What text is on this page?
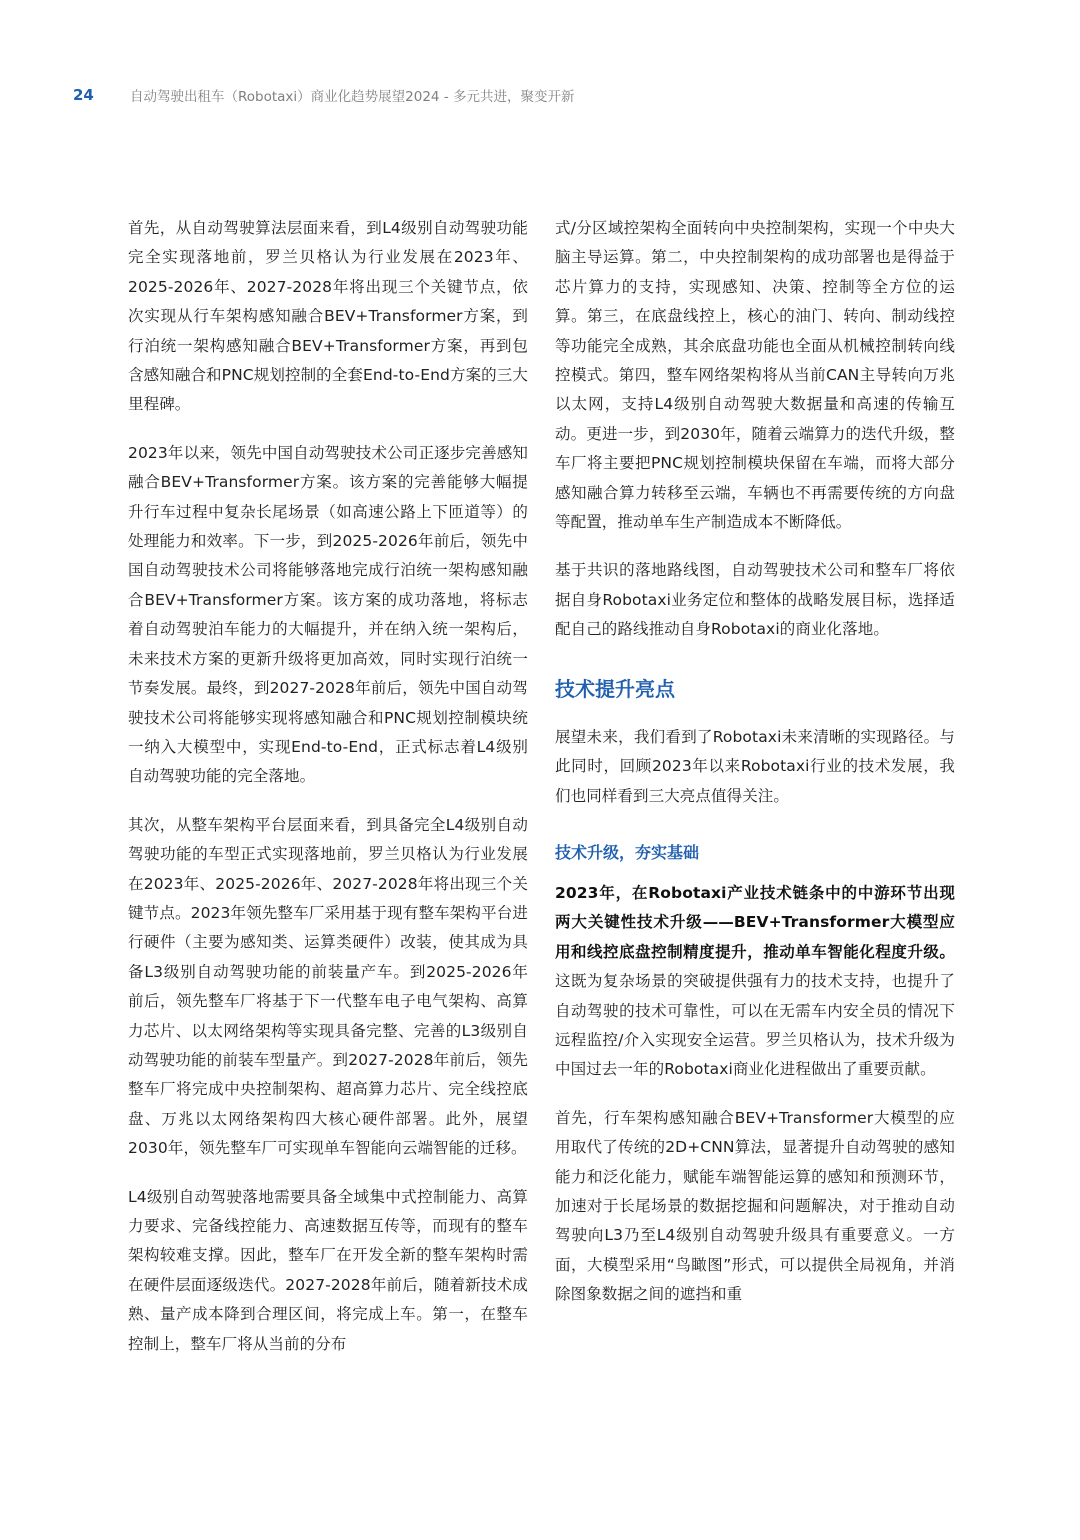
24	自动驾驶出租车（Robotaxi）商业化趋势展望2024 - 多元共进，聚变开新

首先，从自动驾驶算法层面来看，到L4级别自动驾驶功能完全实现落地前，罗兰贝格认为行业发展在2023年、2025-2026年、2027-2028年将出现三个关键节点，依次实现从行车架构感知融合BEV+Transformer方案，到行泊统一架构感知融合BEV+Transformer方案，再到包含感知融合和PNC规划控制的全套End-to-End方案的三大里程碑。

2023年以来，领先中国自动驾驶技术公司正逐步完善感知融合BEV+Transformer方案。该方案的完善能够大幅提升行车过程中复杂长尾场景（如高速公路上下匝道等）的处理能力和效率。下一步，到2025-2026年前后，领先中国自动驾驶技术公司将能够落地完成行泊统一架构感知融合BEV+Transformer方案。该方案的成功落地，将标志着自动驾驶泊车能力的大幅提升，并在纳入统一架构后，未来技术方案的更新升级将更加高效，同时实现行泊统一节奏发展。最终，到2027-2028年前后，领先中国自动驾驶技术公司将能够实现将感知融合和PNC规划控制模块统一纳入大模型中，实现End-to-End，正式标志着L4级别自动驾驶功能的完全落地。

其次，从整车架构平台层面来看，到具备完全L4级别自动驾驶功能的车型正式实现落地前，罗兰贝格认为行业发展在2023年、2025-2026年、2027-2028年将出现三个关键节点。2023年领先整车厂采用基于现有整车架构平台进行硬件（主要为感知类、运算类硬件）改装，使其成为具备L3级别自动驾驶功能的前装量产车。到2025-2026年前后，领先整车厂将基于下一代整车电子电气架构、高算力芯片、以太网络架构等实现具备完整、完善的L3级别自动驾驶功能的前装车型量产。到2027-2028年前后，领先整车厂将完成中央控制架构、超高算力芯片、完全线控底盘、万兆以太网络架构四大核心硬件部署。此外，展望2030年，领先整车厂可实现单车智能向云端智能的迁移。

L4级别自动驾驶落地需要具备全域集中式控制能力、高算力要求、完备线控能力、高速数据互传等，而现有的整车架构较难支撑。因此，整车厂在开发全新的整车架构时需在硬件层面逐级迭代。2027-2028年前后，随着新技术成熟、量产成本降到合理区间，将完成上车。第一，在整车控制上，整车厂将从当前的分布

式/分区域控架构全面转向中央控制架构，实现一个中央大脑主导运算。第二，中央控制架构的成功部署也是得益于芯片算力的支持，实现感知、决策、控制等全方位的运算。第三，在底盘线控上，核心的油门、转向、制动线控等功能完全成熟，其余底盘功能也全面从机械控制转向线控模式。第四，整车网络架构将从当前CAN主导转向万兆以太网，支持L4级别自动驾驶大数据量和高速的传输互动。更进一步，到2030年，随着云端算力的迭代升级，整车厂将主要把PNC规划控制模块保留在车端，而将大部分感知融合算力转移至云端，车辆也不再需要传统的方向盘等配置，推动单车生产制造成本不断降低。

基于共识的落地路线图，自动驾驶技术公司和整车厂将依据自身Robotaxi业务定位和整体的战略发展目标，选择适配自己的路线推动自身Robotaxi的商业化落地。

技术提升亮点

展望未来，我们看到了Robotaxi未来清晰的实现路径。与此同时，回顾2023年以来Robotaxi行业的技术发展，我们也同样看到三大亮点值得关注。

技术升级，夯实基础

2023年，在Robotaxi产业技术链条中的中游环节出现两大关键性技术升级——BEV+Transformer大模型应用和线控底盘控制精度提升，推动单车智能化程度升级。这既为复杂场景的突破提供强有力的技术支持，也提升了自动驾驶的技术可靠性，可以在无需车内安全员的情况下远程监控/介入实现安全运营。罗兰贝格认为，技术升级为中国过去一年的Robotaxi商业化进程做出了重要贡献。

首先，行车架构感知融合BEV+Transformer大模型的应用取代了传统的2D+CNN算法，显著提升自动驾驶的感知能力和泛化能力，赋能车端智能运算的感知和预测环节，加速对于长尾场景的数据挖掘和问题解决，对于推动自动驾驶向L3乃至L4级别自动驾驶升级具有重要意义。一方面，大模型采用“鸟瞰图”形式，可以提供全局视角，并消除图象数据之间的遮挡和重
